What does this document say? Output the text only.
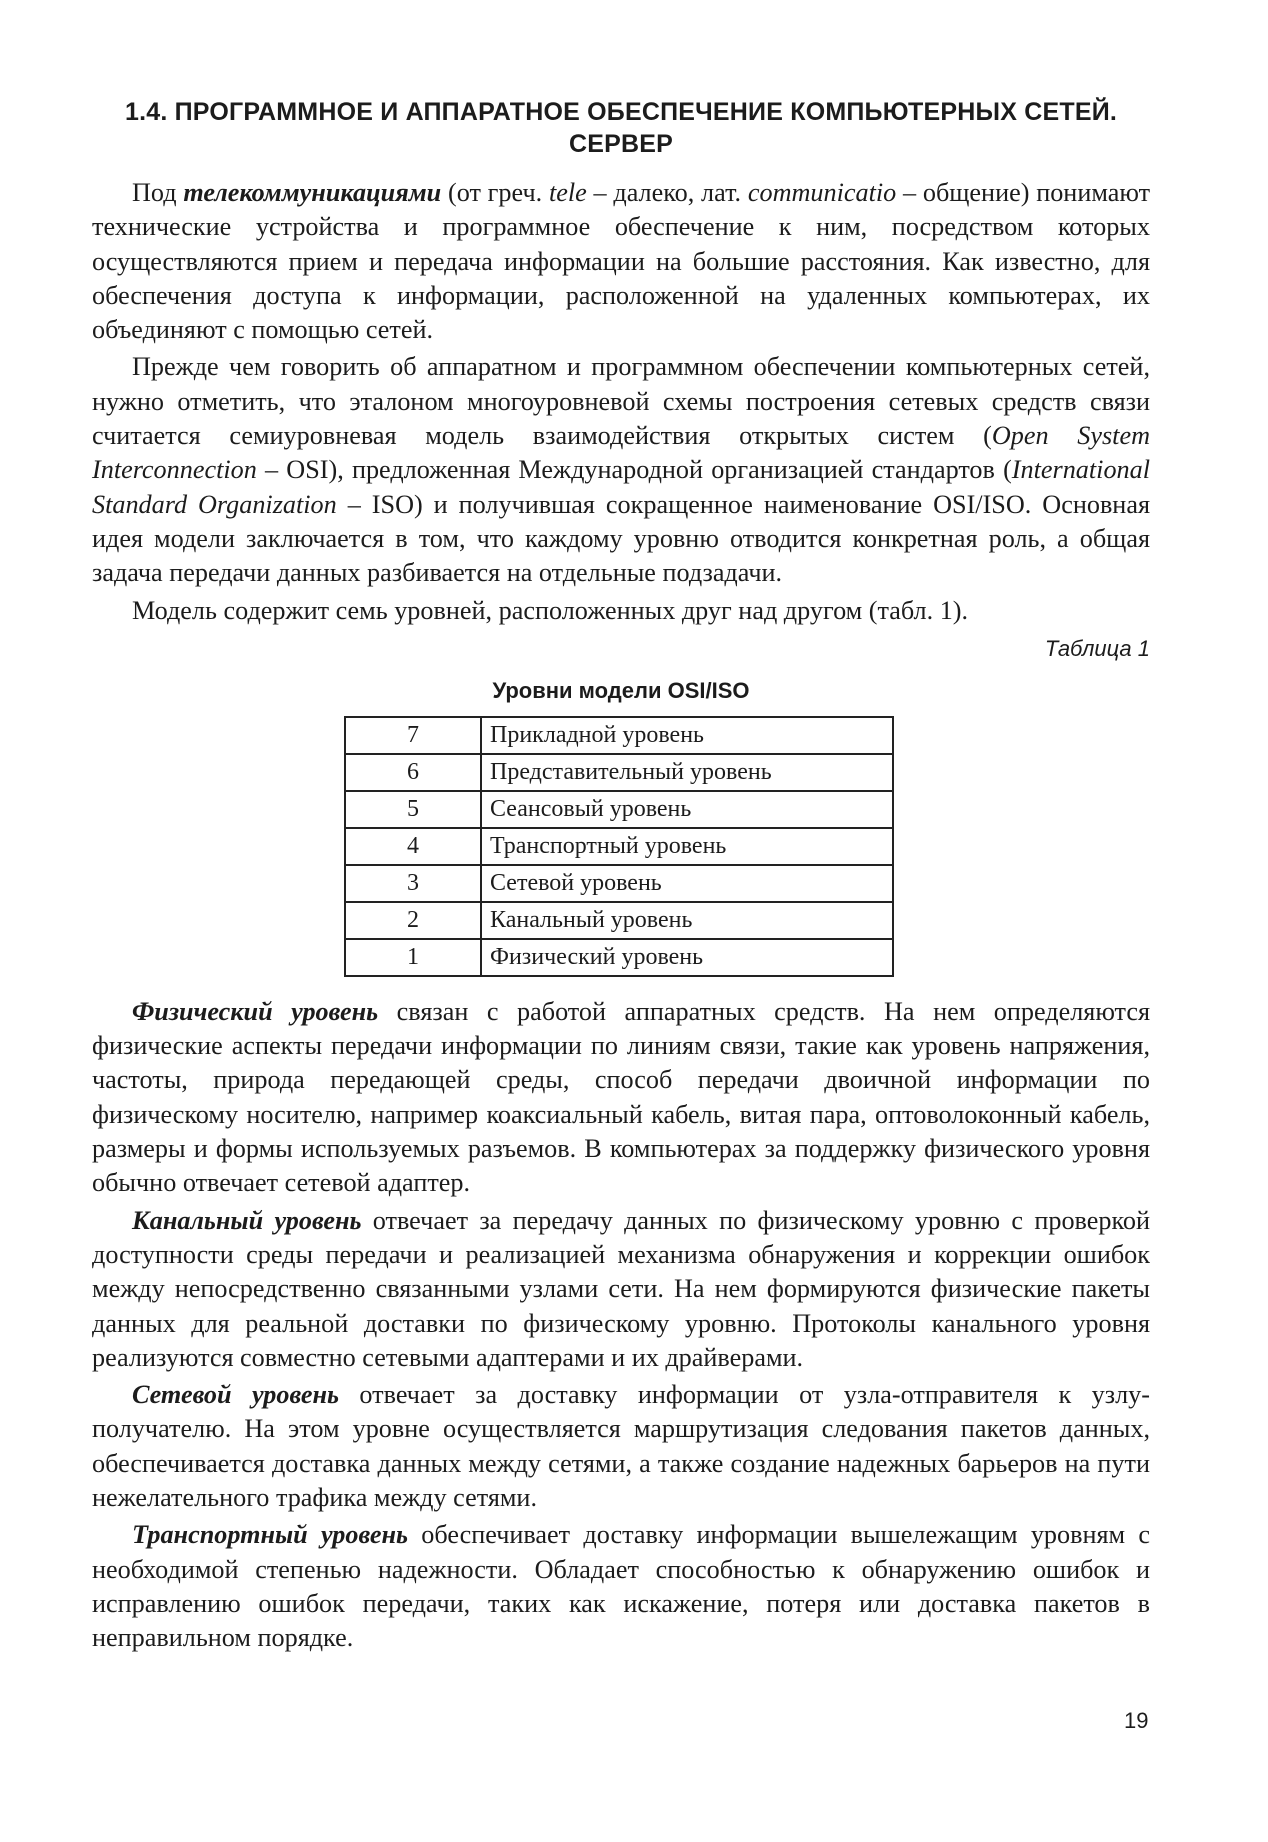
1.4. ПРОГРАММНОЕ И АППАРАТНОЕ ОБЕСПЕЧЕНИЕ КОМПЬЮТЕРНЫХ СЕТЕЙ.
СЕРВЕР

Под телекоммуникациями (от греч. tele – далеко, лат. communicatio – общение) понимают технические устройства и программное обеспечение к ним, посредством которых осуществляются прием и передача информации на большие расстояния. Как известно, для обеспечения доступа к информации, расположенной на удаленных компьютерах, их объединяют с помощью сетей.

Прежде чем говорить об аппаратном и программном обеспечении компьютерных сетей, нужно отметить, что эталоном многоуровневой схемы построения сетевых средств связи считается семиуровневая модель взаимодействия открытых систем (Open System Interconnection – OSI), предложенная Международной организацией стандартов (International Standard Organization – ISO) и получившая сокращенное наименование OSI/ISO. Основная идея модели заключается в том, что каждому уровню отводится конкретная роль, а общая задача передачи данных разбивается на отдельные подзадачи.

Модель содержит семь уровней, расположенных друг над другом (табл. 1).

Таблица 1
Уровни модели OSI/ISO
7	Прикладной уровень
6	Представительный уровень
5	Сеансовый уровень
4	Транспортный уровень
3	Сетевой уровень
2	Канальный уровень
1	Физический уровень

Физический уровень связан с работой аппаратных средств. На нем определяются физические аспекты передачи информации по линиям связи, такие как уровень напряжения, частоты, природа передающей среды, способ передачи двоичной информации по физическому носителю, например коаксиальный кабель, витая пара, оптоволоконный кабель, размеры и формы используемых разъемов. В компьютерах за поддержку физического уровня обычно отвечает сетевой адаптер.

Канальный уровень отвечает за передачу данных по физическому уровню с проверкой доступности среды передачи и реализацией механизма обнаружения и коррекции ошибок между непосредственно связанными узлами сети. На нем формируются физические пакеты данных для реальной доставки по физическому уровню. Протоколы канального уровня реализуются совместно сетевыми адаптерами и их драйверами.

Сетевой уровень отвечает за доставку информации от узла-отправителя к узлу-получателю. На этом уровне осуществляется маршрутизация следования пакетов данных, обеспечивается доставка данных между сетями, а также создание надежных барьеров на пути нежелательного трафика между сетями.

Транспортный уровень обеспечивает доставку информации вышележащим уровням с необходимой степенью надежности. Обладает способностью к обнаружению ошибок и исправлению ошибок передачи, таких как искажение, потеря или доставка пакетов в неправильном порядке.

19
